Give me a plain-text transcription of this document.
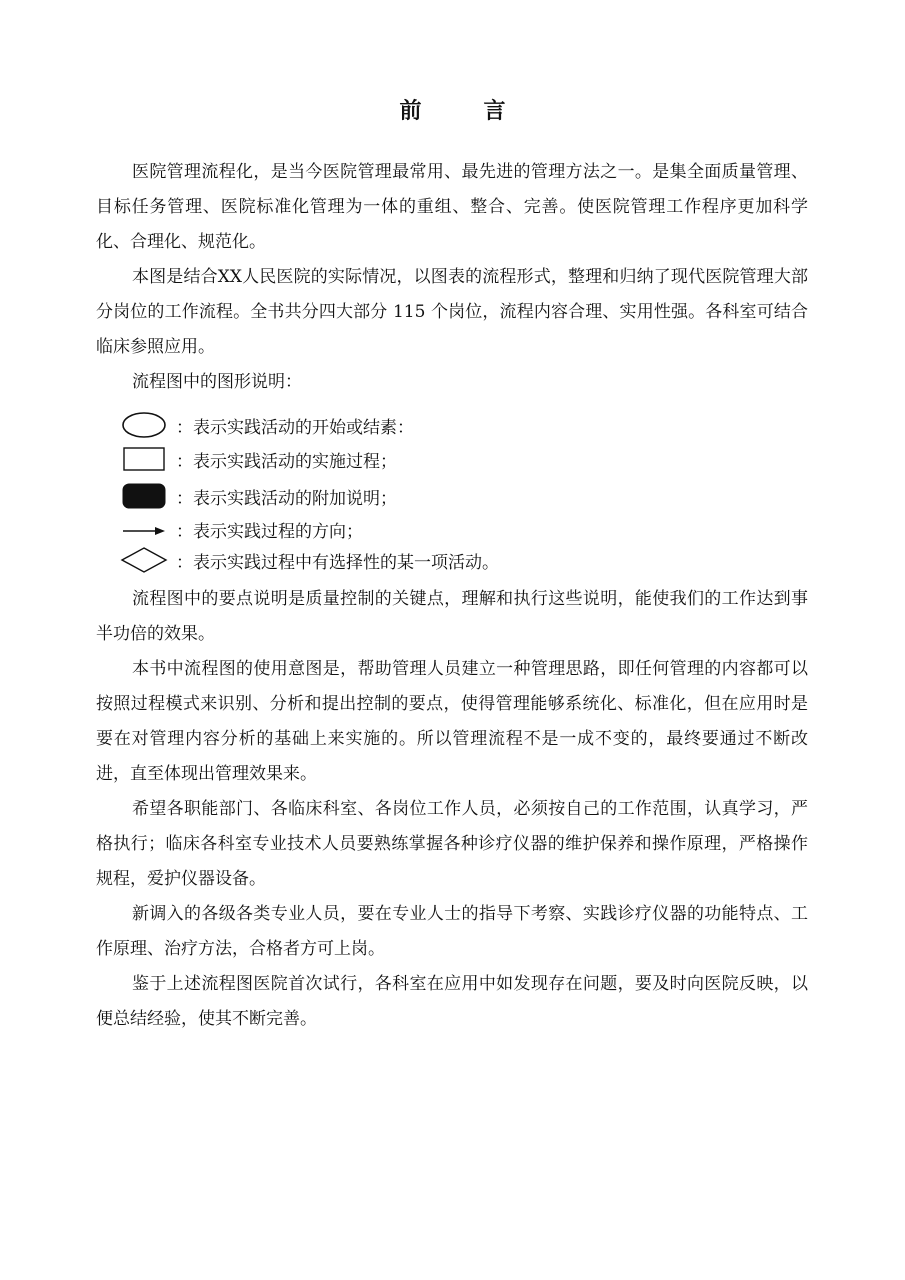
前	言

医院管理流程化，是当今医院管理最常用、最先进的管理方法之一。是集全面质量管理、目标任务管理、医院标准化管理为一体的重组、整合、完善。使医院管理工作程序更加科学化、合理化、规范化。

本图是结合XX人民医院的实际情况，以图表的流程形式，整理和归纳了现代医院管理大部分岗位的工作流程。全书共分四大部分 115 个岗位，流程内容合理、实用性强。各科室可结合临床参照应用。

流程图中的图形说明：

：表示实践活动的开始或结素：
：表示实践活动的实施过程；
：表示实践活动的附加说明；
：表示实践过程的方向；
：表示实践过程中有选择性的某一项活动。

流程图中的要点说明是质量控制的关键点，理解和执行这些说明，能使我们的工作达到事半功倍的效果。

本书中流程图的使用意图是，帮助管理人员建立一种管理思路，即任何管理的内容都可以按照过程模式来识别、分析和提出控制的要点，使得管理能够系统化、标准化，但在应用时是要在对管理内容分析的基础上来实施的。所以管理流程不是一成不变的，最终要通过不断改进，直至体现出管理效果来。

希望各职能部门、各临床科室、各岗位工作人员，必须按自己的工作范围，认真学习，严格执行；临床各科室专业技术人员要熟练掌握各种诊疗仪器的维护保养和操作原理，严格操作规程，爱护仪器设备。

新调入的各级各类专业人员，要在专业人士的指导下考察、实践诊疗仪器的功能特点、工作原理、治疗方法，合格者方可上岗。

鉴于上述流程图医院首次试行，各科室在应用中如发现存在问题，要及时向医院反映，以便总结经验，使其不断完善。
